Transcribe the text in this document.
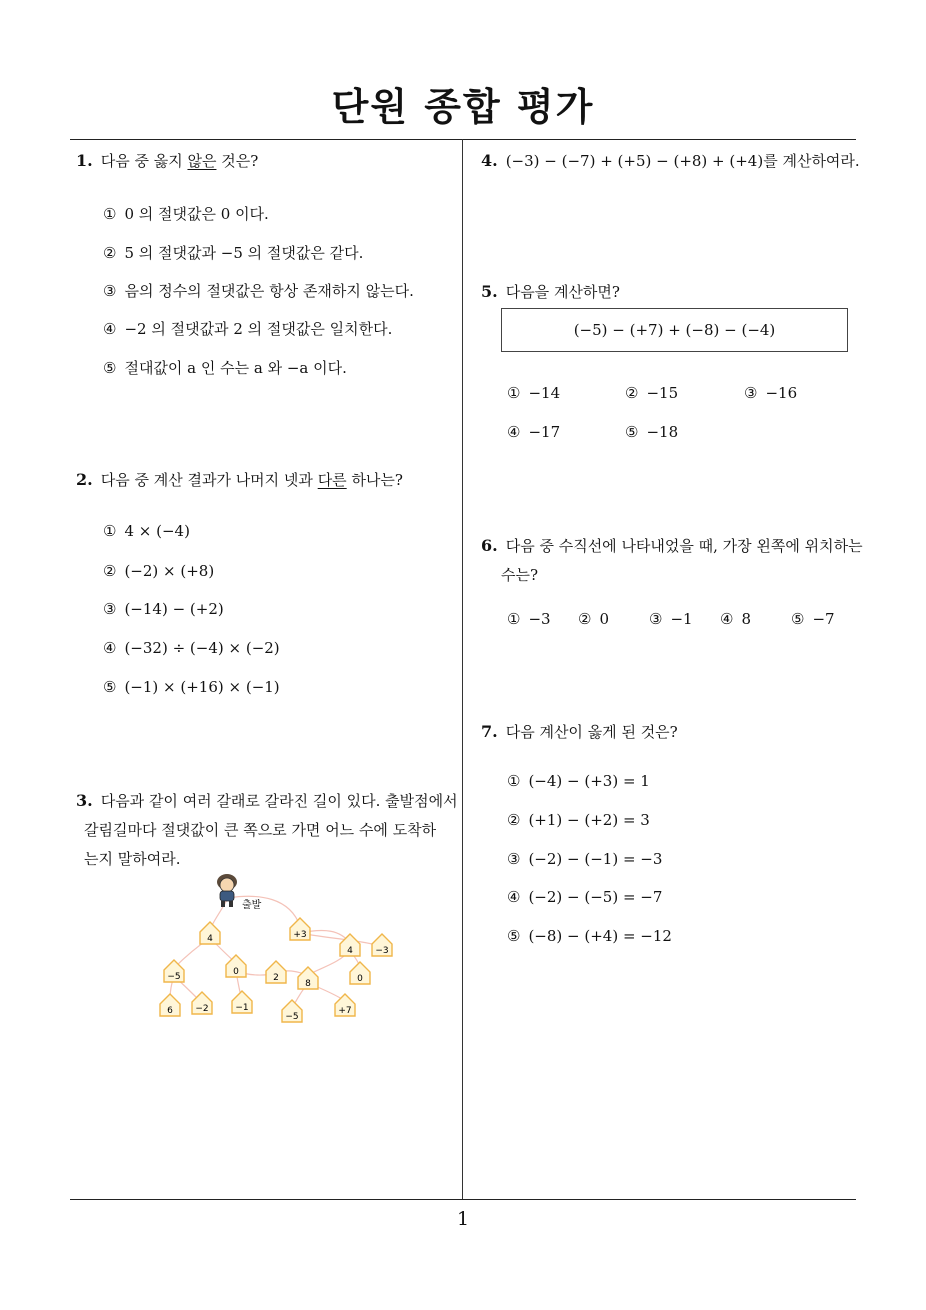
단원 종합 평가
1
1. 다음 중 옳지 않은 것은?
① 0 의 절댓값은 0 이다.
② 5 의 절댓값과 −5 의 절댓값은 같다.
③ 음의 정수의 절댓값은 항상 존재하지 않는다.
④ −2 의 절댓값과 2 의 절댓값은 일치한다.
⑤ 절대값이 a 인 수는 a 와 −a 이다.
2. 다음 중 계산 결과가 나머지 넷과 다른 하나는?
① 4 × (−4)
② (−2) × (+8)
③ (−14) − (+2)
④ (−32) ÷ (−4) × (−2)
⑤ (−1) × (+16) × (−1)
3. 다음과 같이 여러 갈래로 갈라진 길이 있다. 출발점에서
갈림길마다 절댓값이 큰 쪽으로 가면 어느 수에 도착하
는지 말하여라.
출발
4	+3
4 −3
−5	0
2
8	0
6 −2	−1
−5
+7
4. (−3) − (−7) + (+5) − (+8) + (+4)를 계산하여라.
5. 다음을 계산하면?
(−5) − (+7) + (−8) − (−4)
① −14	② −15	③ −16
④ −17	⑤ −18
6. 다음 중 수직선에 나타내었을 때, 가장 왼쪽에 위치하는
수는?
① −3 ② 0	③ −1 ④ 8	⑤ −7
7. 다음 계산이 옳게 된 것은?
① (−4) − (+3) = 1
② (+1) − (+2) = 3
③ (−2) − (−1) = −3
④ (−2) − (−5) = −7
⑤ (−8) − (+4) = −12
